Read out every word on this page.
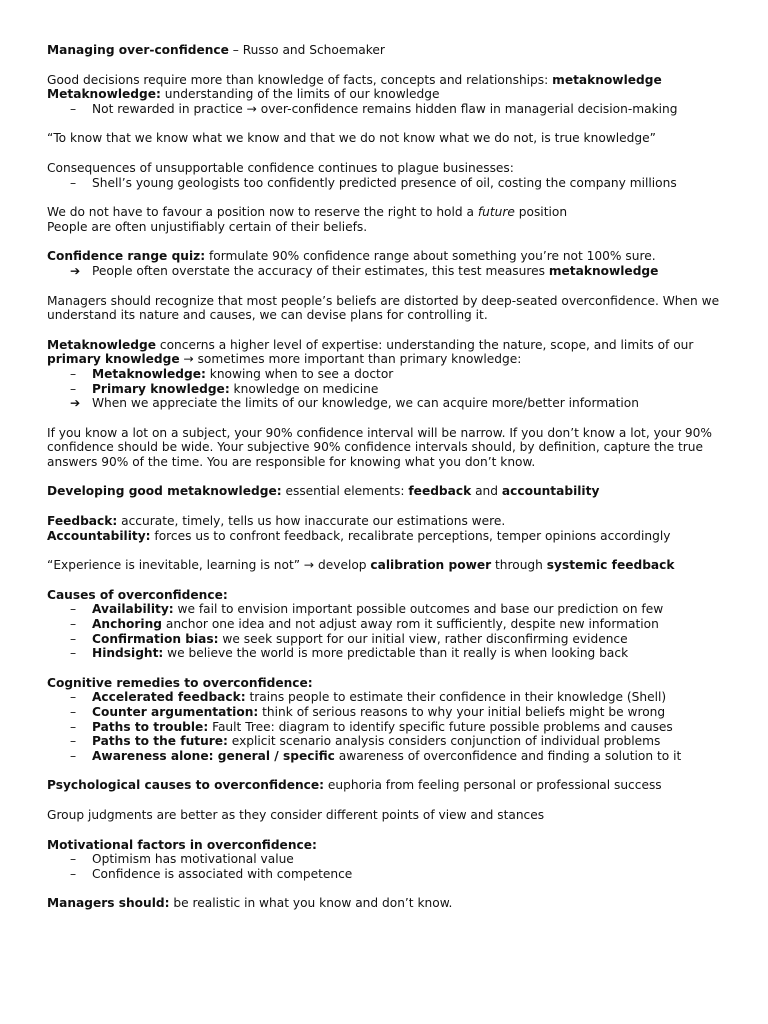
Managing over-confidence – Russo and Schoemaker
Good decisions require more than knowledge of facts, concepts and relationships: metaknowledge
Metaknowledge: understanding of the limits of our knowledge
– Not rewarded in practice → over-confidence remains hidden flaw in managerial decision-making
“To know that we know what we know and that we do not know what we do not, is true knowledge”
Consequences of unsupportable confidence continues to plague businesses:
– Shell’s young geologists too confidently predicted presence of oil, costing the company millions
We do not have to favour a position now to reserve the right to hold a future position
People are often unjustifiably certain of their beliefs.
Confidence range quiz: formulate 90% confidence range about something you’re not 100% sure.
➔ People often overstate the accuracy of their estimates, this test measures metaknowledge
Managers should recognize that most people’s beliefs are distorted by deep-seated overconfidence. When we understand its nature and causes, we can devise plans for controlling it.
Metaknowledge concerns a higher level of expertise: understanding the nature, scope, and limits of our primary knowledge → sometimes more important than primary knowledge:
– Metaknowledge: knowing when to see a doctor
– Primary knowledge: knowledge on medicine
➔ When we appreciate the limits of our knowledge, we can acquire more/better information
If you know a lot on a subject, your 90% confidence interval will be narrow. If you don’t know a lot, your 90% confidence should be wide. Your subjective 90% confidence intervals should, by definition, capture the true answers 90% of the time. You are responsible for knowing what you don’t know.
Developing good metaknowledge: essential elements: feedback and accountability
Feedback: accurate, timely, tells us how inaccurate our estimations were.
Accountability: forces us to confront feedback, recalibrate perceptions, temper opinions accordingly
“Experience is inevitable, learning is not” → develop calibration power through systemic feedback
Causes of overconfidence:
– Availability: we fail to envision important possible outcomes and base our prediction on few
– Anchoring anchor one idea and not adjust away rom it sufficiently, despite new information
– Confirmation bias: we seek support for our initial view, rather disconfirming evidence
– Hindsight: we believe the world is more predictable than it really is when looking back
Cognitive remedies to overconfidence:
– Accelerated feedback: trains people to estimate their confidence in their knowledge (Shell)
– Counter argumentation: think of serious reasons to why your initial beliefs might be wrong
– Paths to trouble: Fault Tree: diagram to identify specific future possible problems and causes
– Paths to the future: explicit scenario analysis considers conjunction of individual problems
– Awareness alone: general / specific awareness of overconfidence and finding a solution to it
Psychological causes to overconfidence: euphoria from feeling personal or professional success
Group judgments are better as they consider different points of view and stances
Motivational factors in overconfidence:
– Optimism has motivational value
– Confidence is associated with competence
Managers should: be realistic in what you know and don’t know.
